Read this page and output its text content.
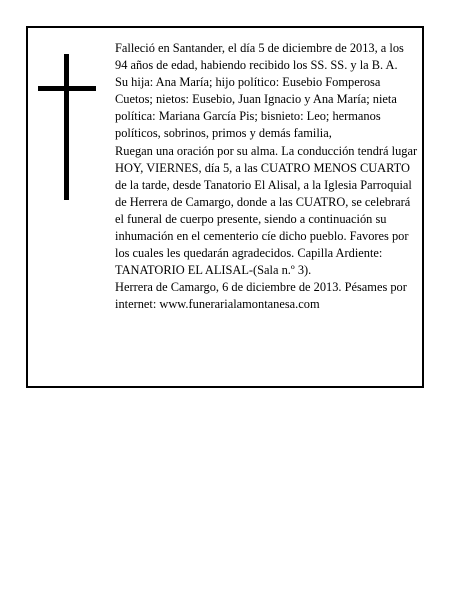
Falleció en Santander, el día 5 de diciembre de 2013, a los 94 años de edad, habiendo recibido los SS. SS. y la B. A.

Su hija: Ana María; hijo político: Eusebio Fomperosa Cuetos; nietos: Eusebio, Juan Ignacio y Ana María; nieta política: Mariana García Pis; bisnieto: Leo; hermanos políticos, sobrinos, primos y demás familia,

Ruegan una oración por su alma. La conducción tendrá lugar HOY, VIERNES, día 5, a las CUATRO MENOS CUARTO de la tarde, desde Tanatorio El Alisal, a la Iglesia Parroquial de Herrera de Camargo, donde a las CUATRO, se celebrará el funeral de cuerpo presente, siendo a continuación su inhumación en el cementerio cíe dicho pueblo. Favores por los cuales les quedarán agradecidos. Capilla Ardiente: TANATORIO EL ALISAL-(Sala n.º 3).

Herrera de Camargo, 6 de diciembre de 2013. Pésames por internet: www.funerarialamontanesa.com
